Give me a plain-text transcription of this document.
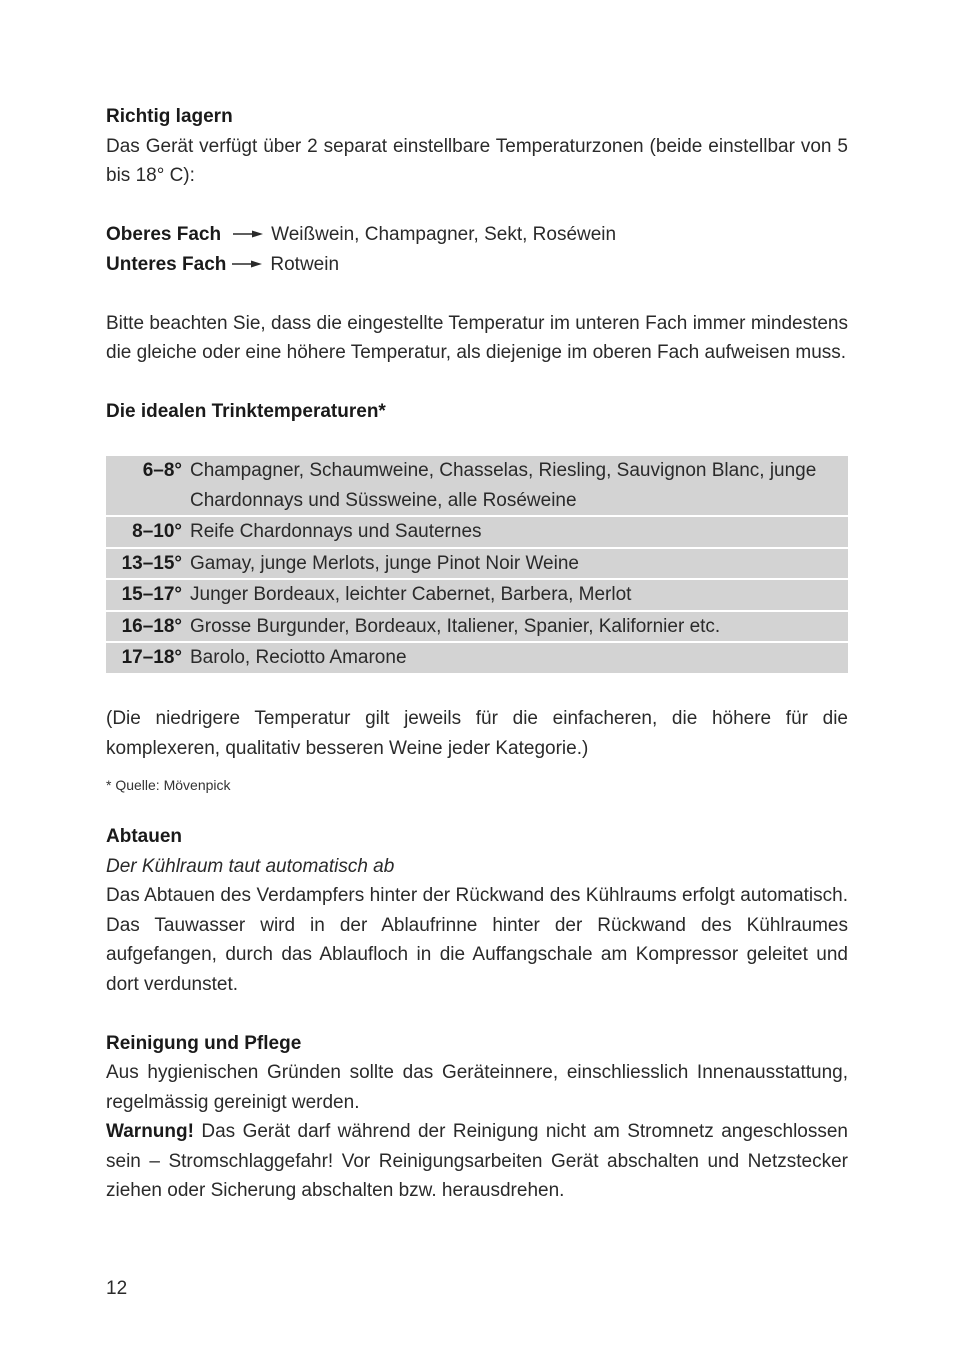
Richtig lagern

Das Gerät verfügt über 2 separat einstellbare Temperaturzonen (beide einstellbar von 5 bis 18° C):

Oberes Fach	Weißwein, Champagner, Sekt, Roséwein
Unteres Fach Rotwein

Bitte beachten Sie, dass die eingestellte Temperatur im unteren Fach immer mindestens die gleiche oder eine höhere Temperatur, als diejenige im oberen Fach aufweisen muss.

Die idealen Trinktemperaturen*

6–8°	Champagner, Schaumweine, Chasselas, Riesling, Sauvignon Blanc, junge Chardonnays und Süssweine, alle Roséweine
8–10°	Reife Chardonnays und Sauternes
13–15°	Gamay, junge Merlots, junge Pinot Noir Weine
15–17°	Junger Bordeaux, leichter Cabernet, Barbera, Merlot
16–18°	Grosse Burgunder, Bordeaux, Italiener, Spanier, Kalifornier etc.
17–18°	Barolo, Reciotto Amarone

(Die niedrigere Temperatur gilt jeweils für die einfacheren, die höhere für die komplexeren, qualitativ besseren Weine jeder Kategorie.)

* Quelle: Mövenpick

Abtauen

Der Kühlraum taut automatisch ab

Das Abtauen des Verdampfers hinter der Rückwand des Kühlraums erfolgt automatisch. Das Tauwasser wird in der Ablaufrinne hinter der Rückwand des Kühlraumes aufgefangen, durch das Ablaufloch in die Auffangschale am Kompressor geleitet und dort verdunstet.

Reinigung und Pflege

Aus hygienischen Gründen sollte das Geräteinnere, einschliesslich Innenausstattung, regelmässig gereinigt werden.

Warnung! Das Gerät darf während der Reinigung nicht am Stromnetz angeschlossen sein – Stromschlaggefahr! Vor Reinigungsarbeiten Gerät abschalten und Netzstecker ziehen oder Sicherung abschalten bzw. herausdrehen.

12
